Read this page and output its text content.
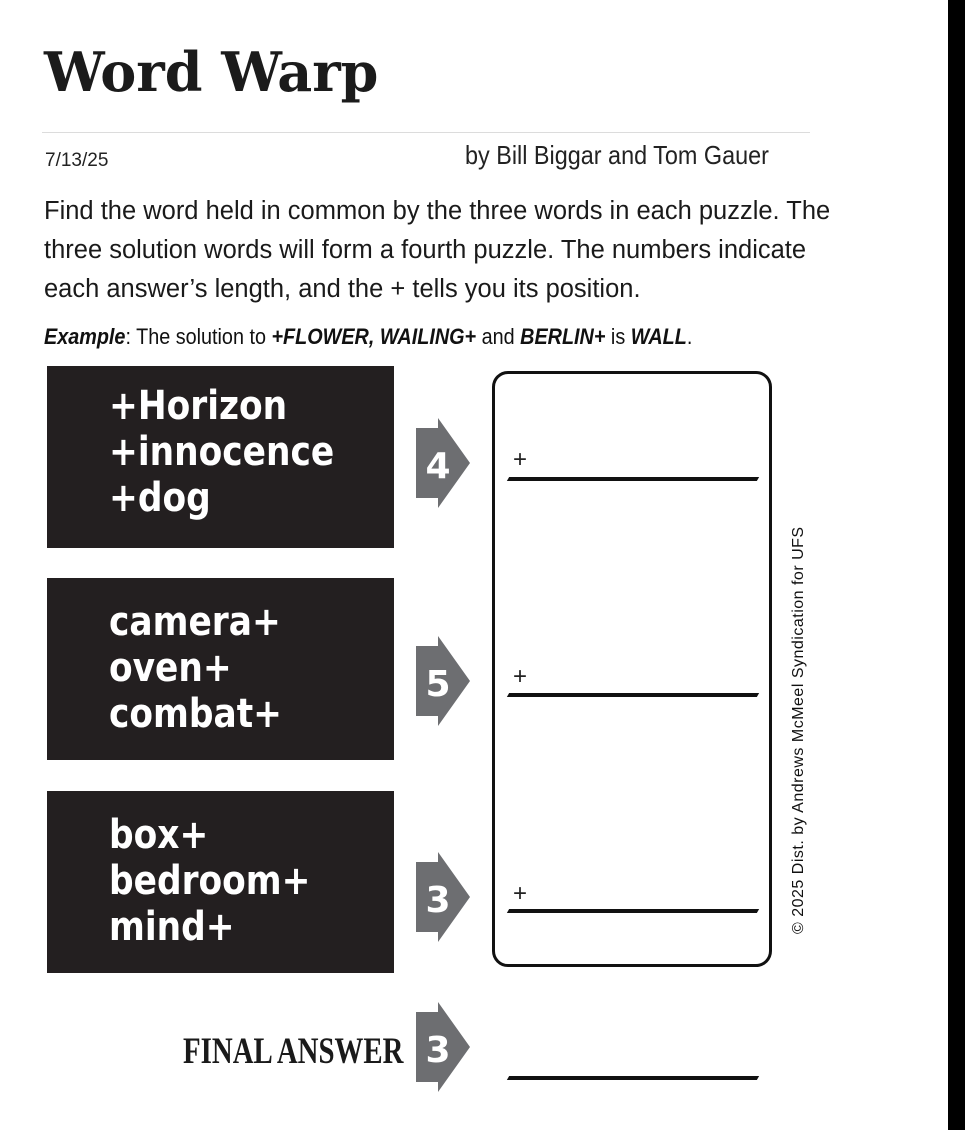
Word Warp
7/13/25	by Bill Biggar and Tom Gauer
Find the word held in common by the three words in each puzzle. The
three solution words will form a fourth puzzle. The numbers indicate
each answer’s length, and the + tells you its position.
Example: The solution to +FLOWER, WAILING+ and BERLIN+ is WALL.
+Horizon
+innocence
+dog
4
camera+
oven+
combat+
5
box+
bedroom+
mind+
3
+
+
+	© 2025 Dist. by Andrews McMeel Syndication for UFS
FINAL ANSWER 3
